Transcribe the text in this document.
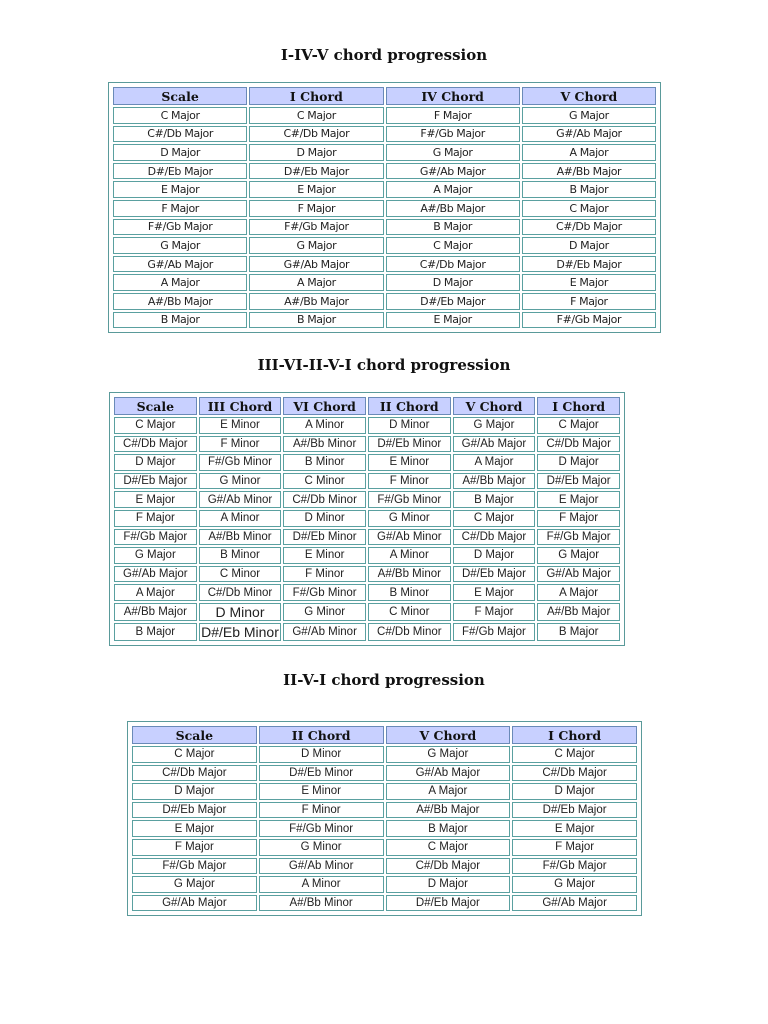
I-IV-V chord progression
Scale	I Chord	IV Chord	V Chord
C Major	C Major	F Major	G Major
C#/Db Major	C#/Db Major	F#/Gb Major	G#/Ab Major
D Major	D Major	G Major	A Major
D#/Eb Major	D#/Eb Major	G#/Ab Major	A#/Bb Major
E Major	E Major	A Major	B Major
F Major	F Major	A#/Bb Major	C Major
F#/Gb Major	F#/Gb Major	B Major	C#/Db Major
G Major	G Major	C Major	D Major
G#/Ab Major	G#/Ab Major	C#/Db Major	D#/Eb Major
A Major	A Major	D Major	E Major
A#/Bb Major	A#/Bb Major	D#/Eb Major	F Major
B Major	B Major	E Major	F#/Gb Major
III-VI-II-V-I chord progression
Scale	III Chord	VI Chord	II Chord	V Chord	I Chord
C Major	E Minor	A Minor	D Minor	G Major	C Major
C#/Db Major	F Minor	A#/Bb Minor	D#/Eb Minor	G#/Ab Major	C#/Db Major
D Major	F#/Gb Minor	B Minor	E Minor	A Major	D Major
D#/Eb Major	G Minor	C Minor	F Minor	A#/Bb Major	D#/Eb Major
E Major	G#/Ab Minor	C#/Db Minor	F#/Gb Minor	B Major	E Major
F Major	A Minor	D Minor	G Minor	C Major	F Major
F#/Gb Major	A#/Bb Minor	D#/Eb Minor	G#/Ab Minor	C#/Db Major	F#/Gb Major
G Major	B Minor	E Minor	A Minor	D Major	G Major
G#/Ab Major	C Minor	F Minor	A#/Bb Minor	D#/Eb Major	G#/Ab Major
A Major	C#/Db Minor	F#/Gb Minor	B Minor	E Major	A Major
A#/Bb Major	D Minor	G Minor	C Minor	F Major	A#/Bb Major
B Major	D#/Eb Minor	G#/Ab Minor	C#/Db Minor	F#/Gb Major	B Major
II-V-I chord progression
Scale	II Chord	V Chord	I Chord
C Major	D Minor	G Major	C Major
C#/Db Major	D#/Eb Minor	G#/Ab Major	C#/Db Major
D Major	E Minor	A Major	D Major
D#/Eb Major	F Minor	A#/Bb Major	D#/Eb Major
E Major	F#/Gb Minor	B Major	E Major
F Major	G Minor	C Major	F Major
F#/Gb Major	G#/Ab Minor	C#/Db Major	F#/Gb Major
G Major	A Minor	D Major	G Major
G#/Ab Major	A#/Bb Minor	D#/Eb Major	G#/Ab Major
